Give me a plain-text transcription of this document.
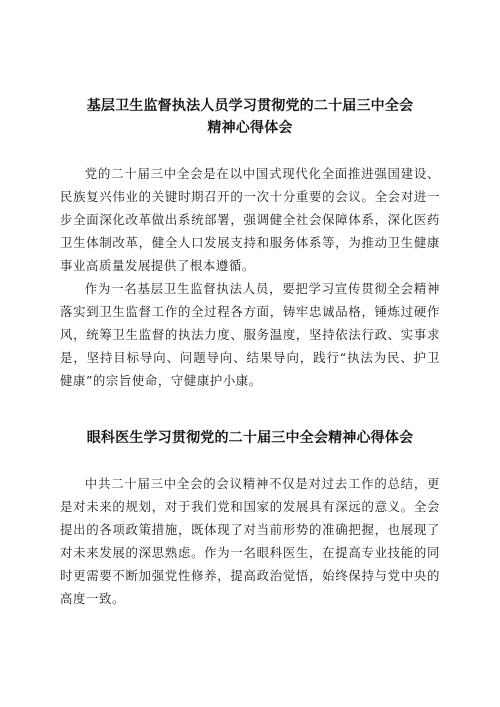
基层卫生监督执法人员学习贯彻党的二十届三中全会
精神心得体会

党的二十届三中全会是在以中国式现代化全面推进强国建设、民族复兴伟业的关键时期召开的一次十分重要的会议。全会对进一步全面深化改革做出系统部署，强调健全社会保障体系，深化医药卫生体制改革，健全人口发展支持和服务体系等，为推动卫生健康事业高质量发展提供了根本遵循。

作为一名基层卫生监督执法人员，要把学习宣传贯彻全会精神落实到卫生监督工作的全过程各方面，铸牢忠诚品格，锤炼过硬作风，统筹卫生监督的执法力度、服务温度，坚持依法行政、实事求是，坚持目标导向、问题导向、结果导向，践行“执法为民、护卫健康”的宗旨使命，守健康护小康。

眼科医生学习贯彻党的二十届三中全会精神心得体会

中共二十届三中全会的会议精神不仅是对过去工作的总结，更是对未来的规划，对于我们党和国家的发展具有深远的意义。全会提出的各项政策措施，既体现了对当前形势的准确把握，也展现了对未来发展的深思熟虑。作为一名眼科医生，在提高专业技能的同时更需要不断加强党性修养，提高政治觉悟，始终保持与党中央的高度一致。
